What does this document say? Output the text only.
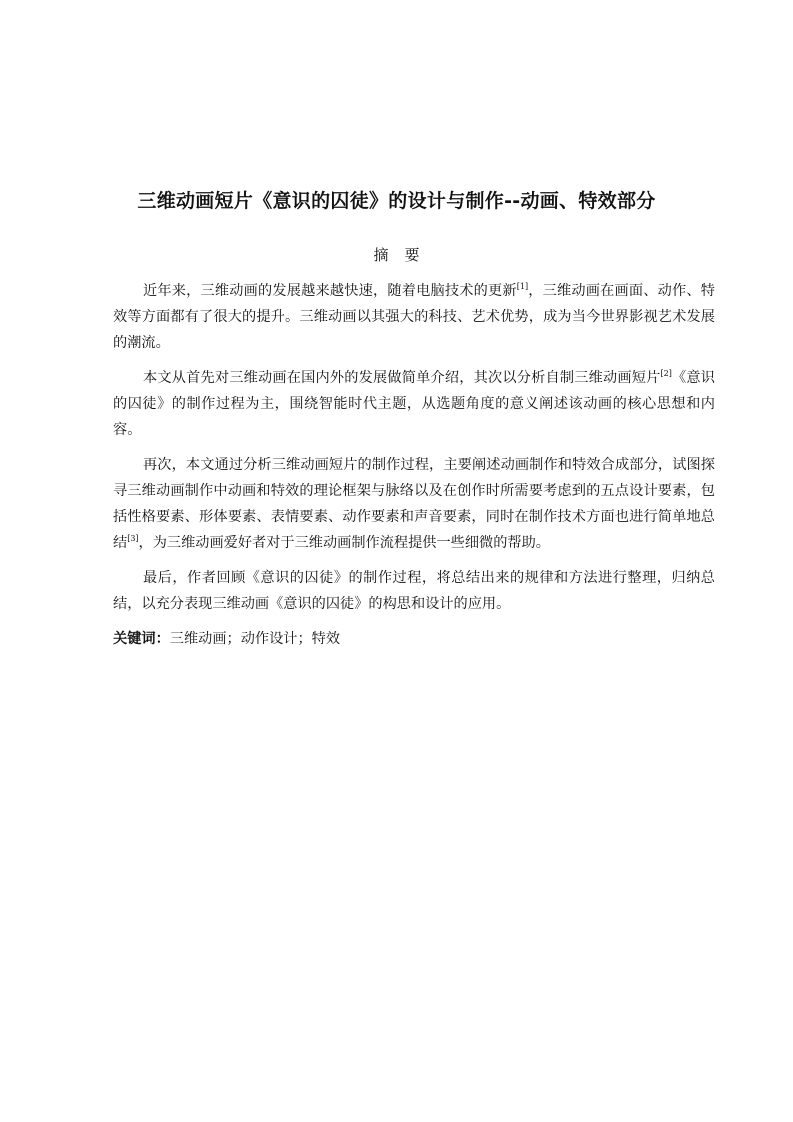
三维动画短片《意识的囚徒》的设计与制作--动画、特效部分
摘 要

近年来，三维动画的发展越来越快速，随着电脑技术的更新[1]，三维动画在画面、动作、特效等方面都有了很大的提升。三维动画以其强大的科技、艺术优势，成为当今世界影视艺术发展的潮流。

本文从首先对三维动画在国内外的发展做简单介绍，其次以分析自制三维动画短片[2]《意识的囚徒》的制作过程为主，围绕智能时代主题，从选题角度的意义阐述该动画的核心思想和内容。

再次，本文通过分析三维动画短片的制作过程，主要阐述动画制作和特效合成部分，试图探寻三维动画制作中动画和特效的理论框架与脉络以及在创作时所需要考虑到的五点设计要素，包括性格要素、形体要素、表情要素、动作要素和声音要素，同时在制作技术方面也进行简单地总结[3]，为三维动画爱好者对于三维动画制作流程提供一些细微的帮助。

最后，作者回顾《意识的囚徒》的制作过程，将总结出来的规律和方法进行整理，归纳总结，以充分表现三维动画《意识的囚徒》的构思和设计的应用。

关键词：三维动画；动作设计；特效
